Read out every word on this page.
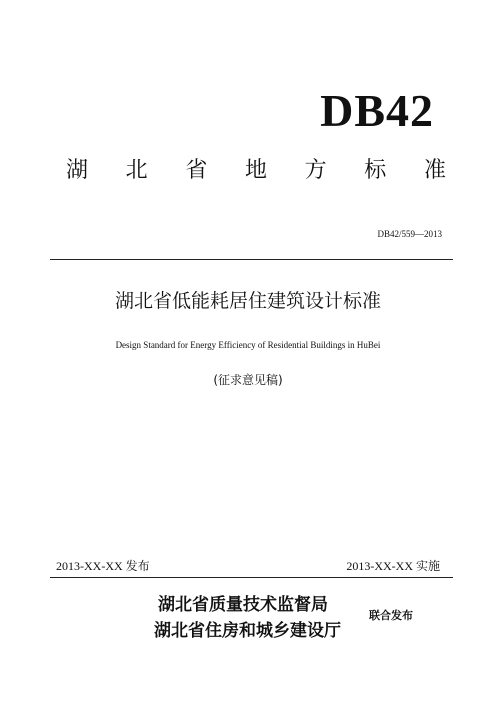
DB42
湖 北 省 地 方 标 准
DB42/559—2013
湖北省低能耗居住建筑设计标准
Design Standard for Energy Efficiency of Residential Buildings in HuBei
(征求意见稿)
2013-XX-XX 发布	2013-XX-XX 实施
湖北省质量技术监督局
湖北省住房和城乡建设厅
联合发布
